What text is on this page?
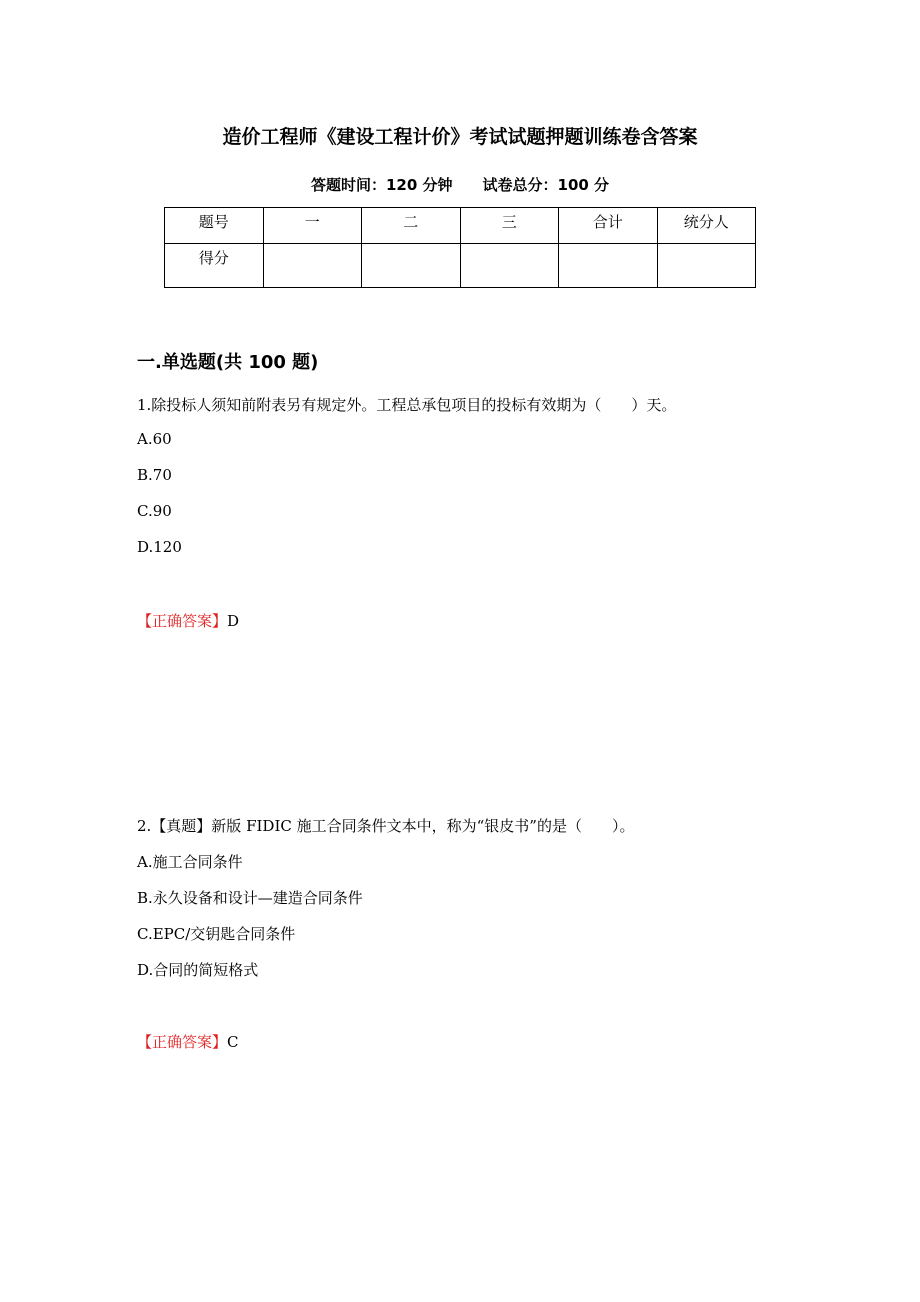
造价工程师《建设工程计价》考试试题押题训练卷含答案
答题时间：120 分钟 试卷总分：100 分
题号	一	二	三	合计	统分人
得分					
一.单选题(共 100 题)
1.除投标人须知前附表另有规定外。工程总承包项目的投标有效期为（　　）天。
A.60
B.70
C.90
D.120
【正确答案】D
2.【真题】新版 FIDIC 施工合同条件文本中，称为“银皮书”的是（　　）。
A.施工合同条件
B.永久设备和设计—建造合同条件
C.EPC/交钥匙合同条件
D.合同的简短格式
【正确答案】C
